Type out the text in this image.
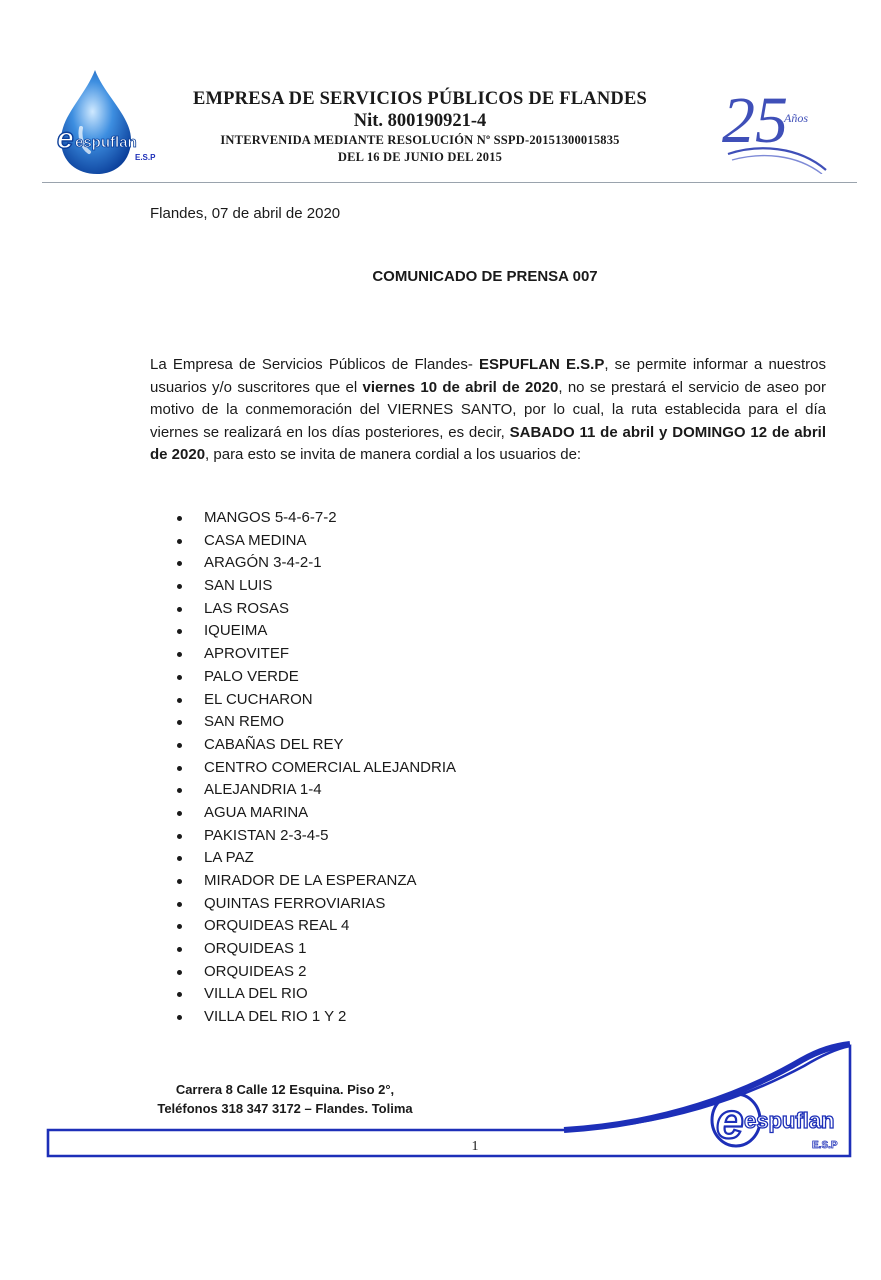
e espuflan
E.S.P
EMPRESA DE SERVICIOS PÚBLICOS DE FLANDES
Nit. 800190921-4
INTERVENIDA MEDIANTE RESOLUCIÓN Nº SSPD-20151300015835
DEL 16 DE JUNIO DEL 2015	25
Años
Flandes, 07 de abril de 2020
COMUNICADO DE PRENSA 007
La Empresa de Servicios Públicos de Flandes- ESPUFLAN E.S.P, se permite informar a nuestros usuarios y/o suscritores que el viernes 10 de abril de 2020, no se prestará el servicio de aseo por motivo de la conmemoración del VIERNES SANTO, por lo cual, la ruta establecida para el día viernes se realizará en los días posteriores, es decir, SABADO 11 de abril y DOMINGO 12 de abril de 2020, para esto se invita de manera cordial a los usuarios de:
MANGOS 5-4-6-7-2
CASA MEDINA
ARAGÓN 3-4-2-1
SAN LUIS
LAS ROSAS
IQUEIMA
APROVITEF
PALO VERDE
EL CUCHARON
SAN REMO
CABAÑAS DEL REY
CENTRO COMERCIAL ALEJANDRIA
ALEJANDRIA 1-4
AGUA MARINA
PAKISTAN 2-3-4-5
LA PAZ
MIRADOR DE LA ESPERANZA
QUINTAS FERROVIARIAS
ORQUIDEAS REAL 4
ORQUIDEAS 1
ORQUIDEAS 2
VILLA DEL RIO
VILLA DEL RIO 1 Y 2
Carrera 8 Calle 12 Esquina. Piso 2°,
Teléfonos 318 347 3172 – Flandes. Tolima
1	e espuflan
E.S.P
